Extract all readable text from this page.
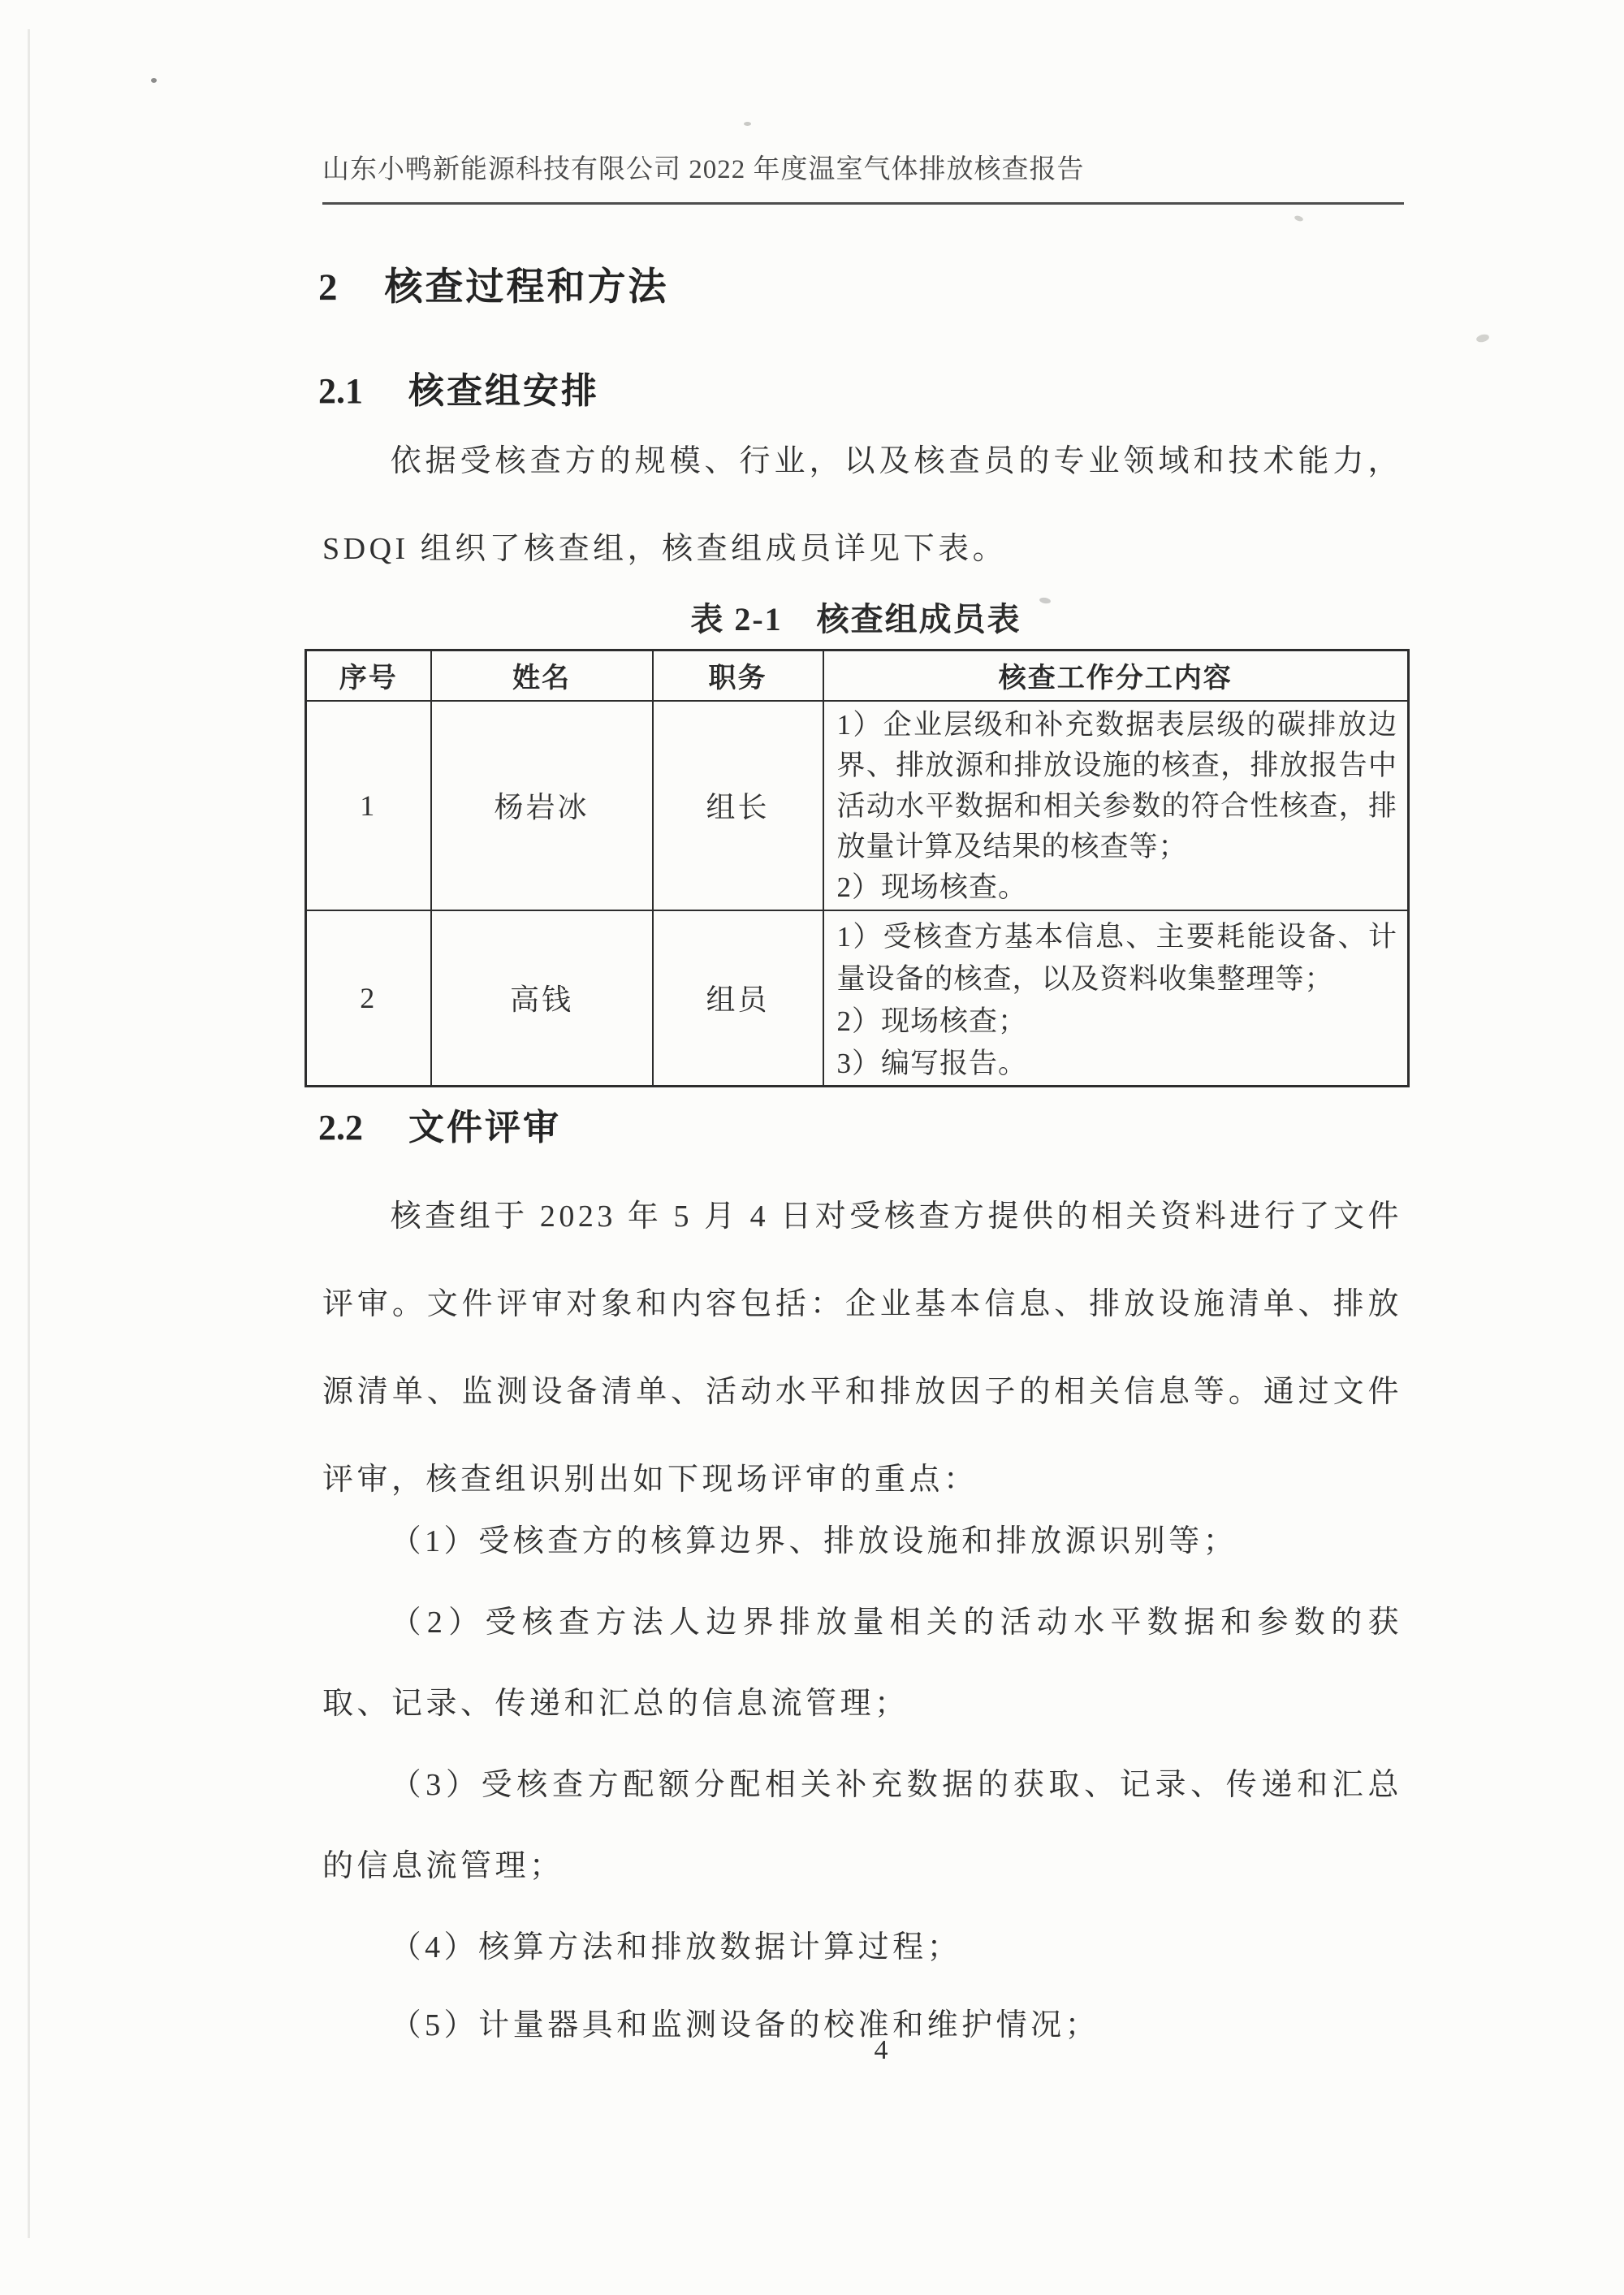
山东小鸭新能源科技有限公司 2022 年度温室气体排放核查报告
2 核查过程和方法
2.1 核查组安排
依据受核查方的规模、行业，以及核查员的专业领域和技术能力，SDQI 组织了核查组，核查组成员详见下表。
表 2-1　核查组成员表
序号	姓名	职务	核查工作分工内容
1	杨岩冰	组长	1）企业层级和补充数据表层级的碳排放边界、排放源和排放设施的核查，排放报告中活动水平数据和相关参数的符合性核查，排放量计算及结果的核查等；
2）现场核查。

2	高钱	组员	1）受核查方基本信息、主要耗能设备、计量设备的核查，以及资料收集整理等；
2）现场核查；
3）编写报告。
2.2 文件评审
核查组于 2023 年 5 月 4 日对受核查方提供的相关资料进行了文件评审。文件评审对象和内容包括：企业基本信息、排放设施清单、排放源清单、监测设备清单、活动水平和排放因子的相关信息等。通过文件评审，核查组识别出如下现场评审的重点：
（1）受核查方的核算边界、排放设施和排放源识别等；
（2）受核查方法人边界排放量相关的活动水平数据和参数的获取、记录、传递和汇总的信息流管理；
（3）受核查方配额分配相关补充数据的获取、记录、传递和汇总的信息流管理；
（4）核算方法和排放数据计算过程；
（5）计量器具和监测设备的校准和维护情况；
4
